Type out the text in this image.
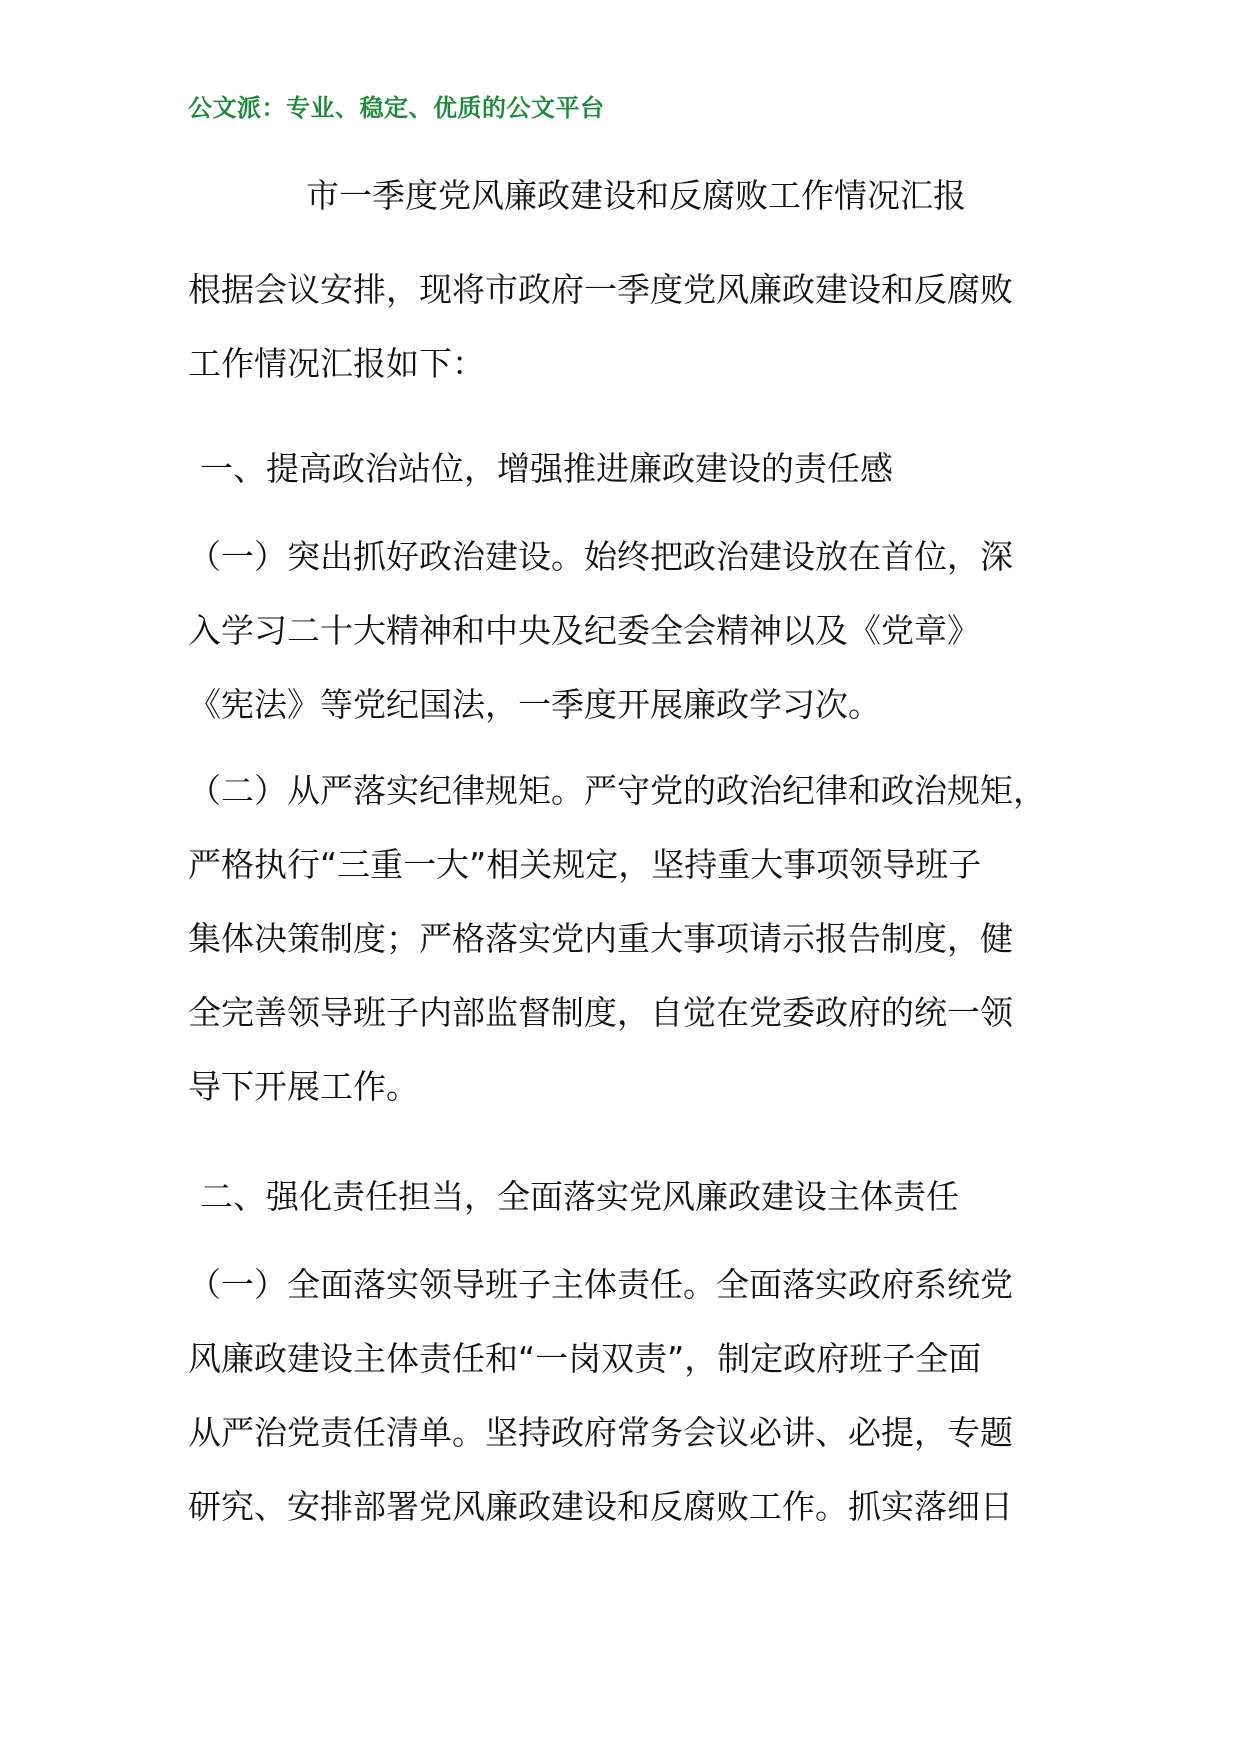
公文派：专业、稳定、优质的公文平台
市一季度党风廉政建设和反腐败工作情况汇报
根据会议安排，现将市政府一季度党风廉政建设和反腐败
工作情况汇报如下：
一、提高政治站位，增强推进廉政建设的责任感
（一）突出抓好政治建设。始终把政治建设放在首位，深
入学习二十大精神和中央及纪委全会精神以及《党章》
《宪法》等党纪国法，一季度开展廉政学习次。
（二）从严落实纪律规矩。严守党的政治纪律和政治规矩，
严格执行“三重一大”相关规定，坚持重大事项领导班子
集体决策制度；严格落实党内重大事项请示报告制度，健
全完善领导班子内部监督制度，自觉在党委政府的统一领
导下开展工作。
二、强化责任担当，全面落实党风廉政建设主体责任
（一）全面落实领导班子主体责任。全面落实政府系统党
风廉政建设主体责任和“一岗双责”，制定政府班子全面
从严治党责任清单。坚持政府常务会议必讲、必提，专题
研究、安排部署党风廉政建设和反腐败工作。抓实落细日
